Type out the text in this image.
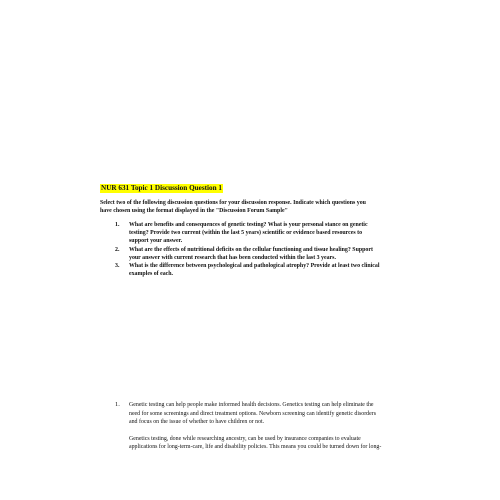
NUR 631 Topic 1 Discussion Question 1

Select two of the following discussion questions for your discussion response. Indicate which questions you

have chosen using the format displayed in the "Discussion Forum Sample"

1. What are benefits and consequences of genetic testing? What is your personal stance on genetic
testing? Provide two current (within the last 5 years) scientific or evidence based resources to
support your answer.
2. What are the effects of nutritional deficits on the cellular functioning and tissue healing? Support
your answer with current research that has been conducted within the last 3 years.
3. What is the difference between psychological and pathological atrophy? Provide at least two clinical
examples of each.
1. Genetic testing can help people make informed health decisions. Genetics testing can help eliminate the
need for some screenings and direct treatment options. Newborn screening can identify genetic disorders
and focus on the issue of whether to have children or not.
Genetics testing, done while researching ancestry, can be used by insurance companies to evaluate
applications for long-term-care, life and disability policies. This means you could be turned down for long-
